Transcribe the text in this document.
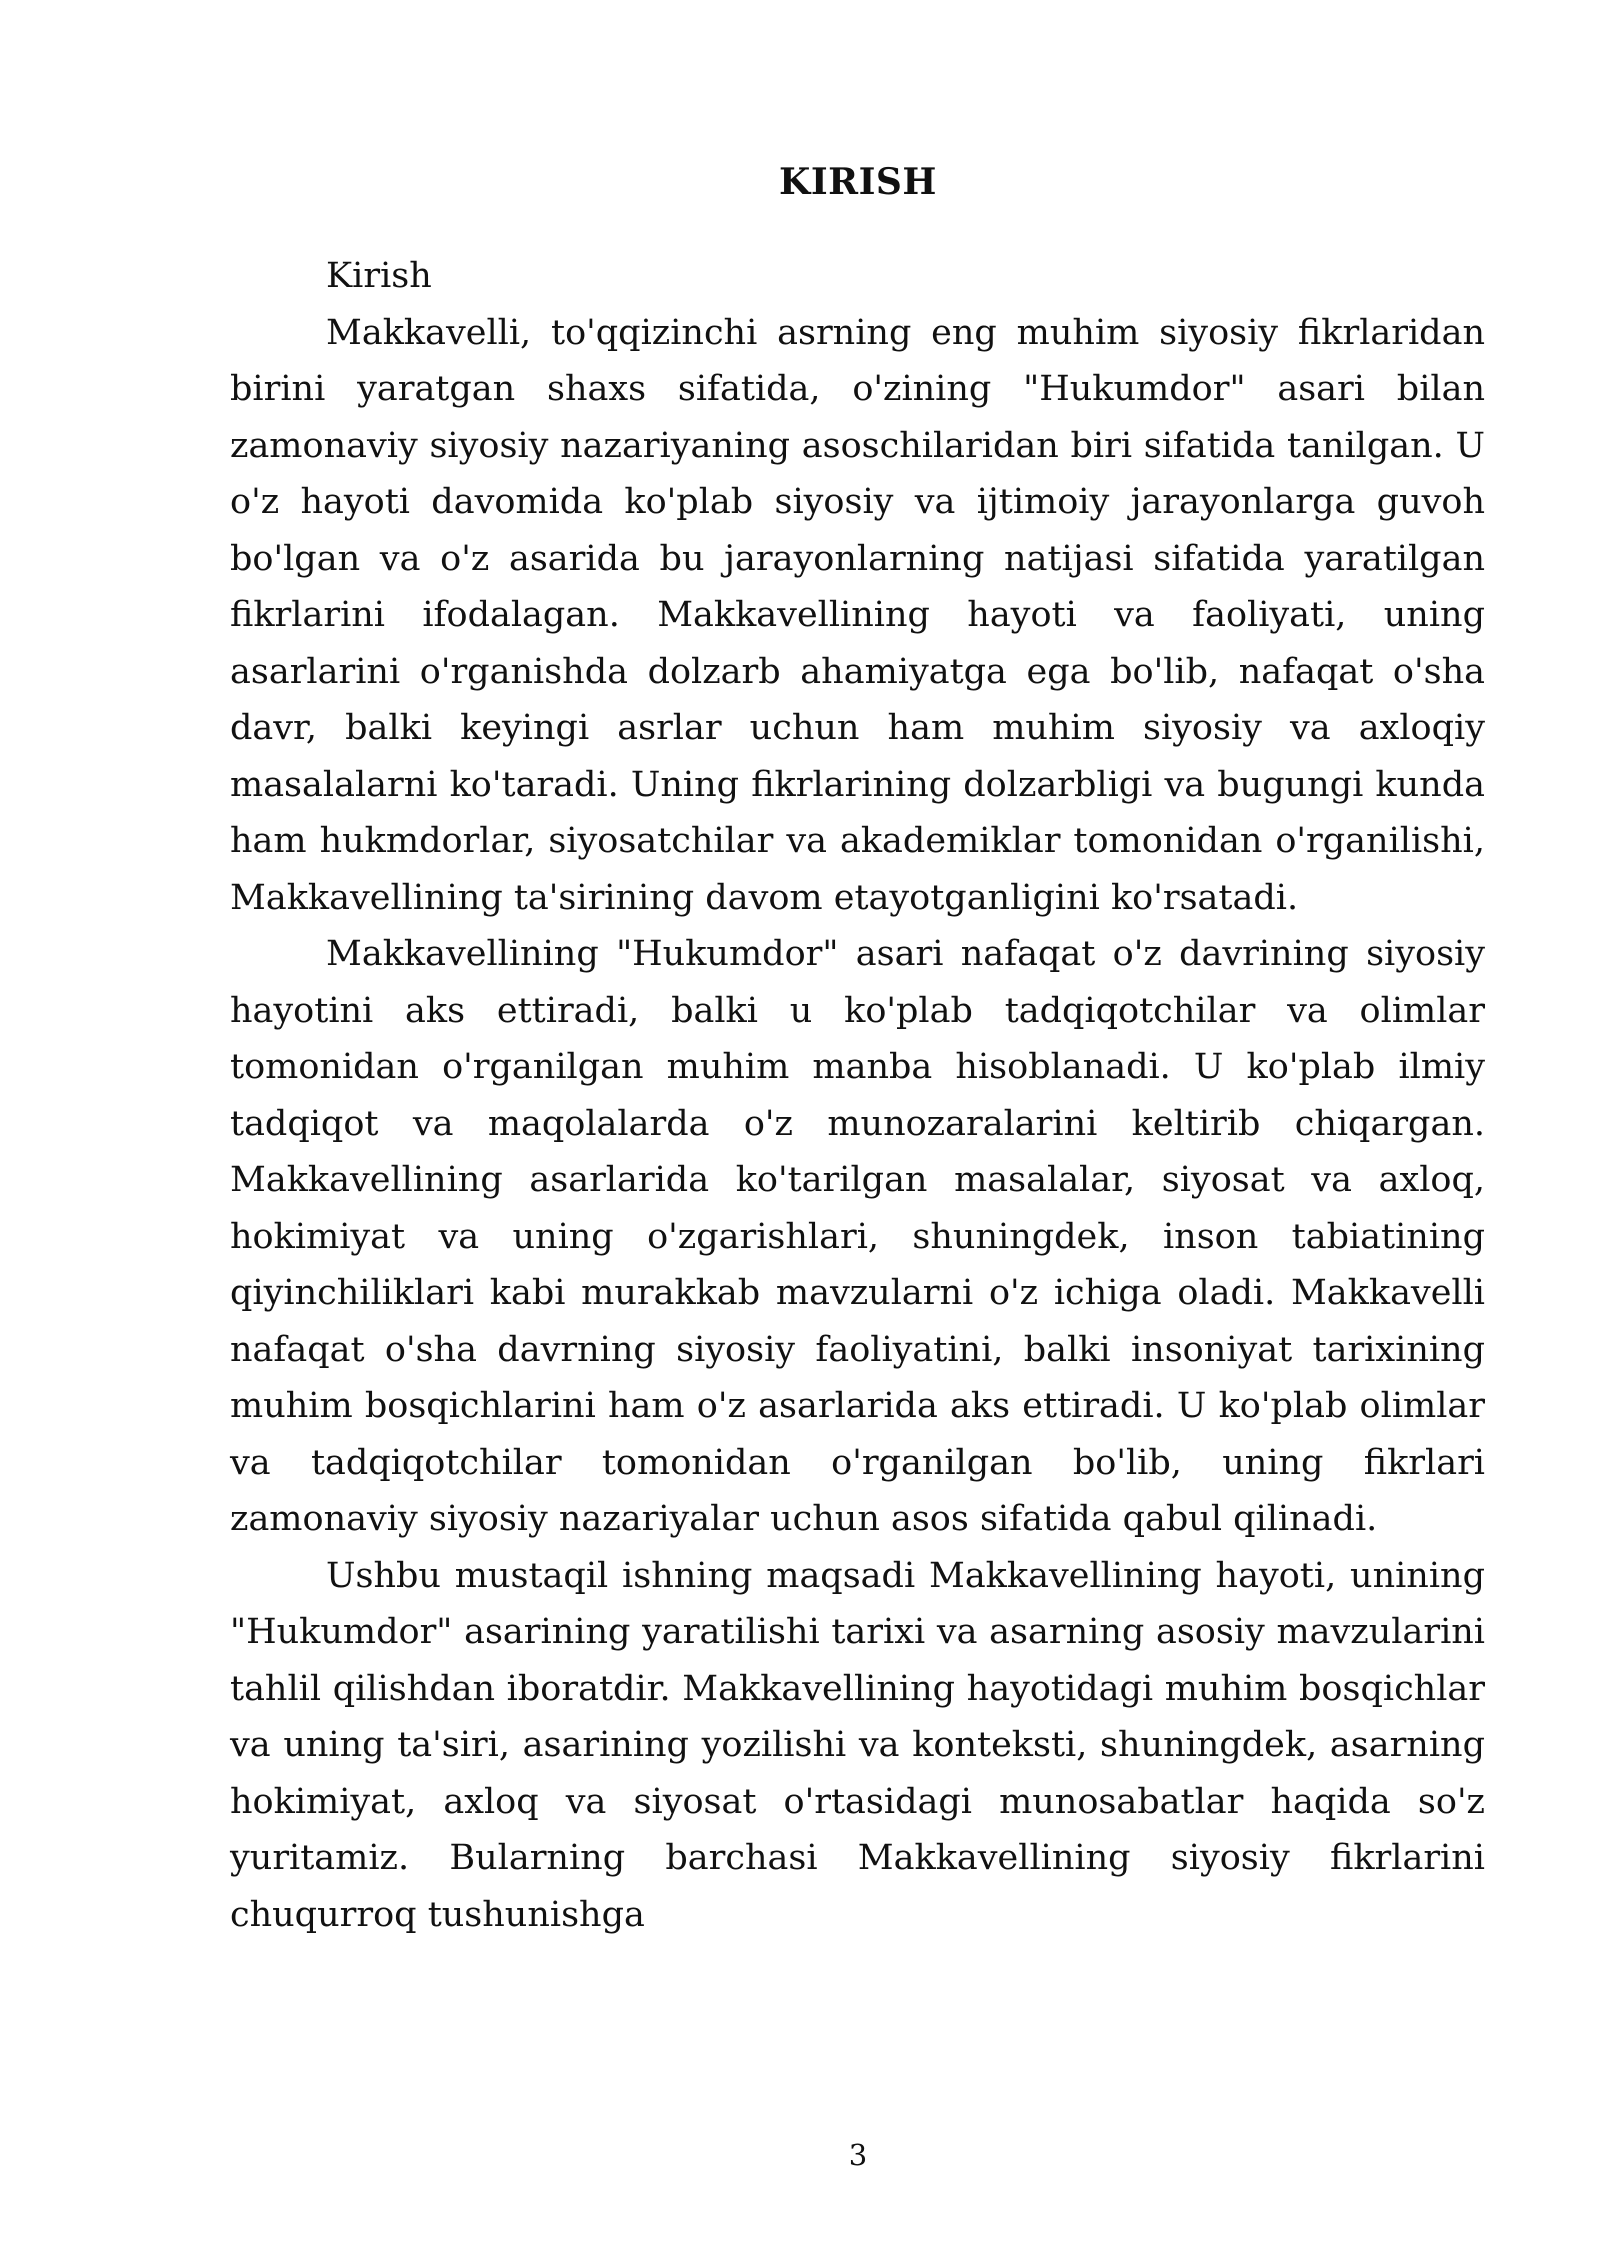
KIRISH

Kirish

Makkavelli, to'qqizinchi asrning eng muhim siyosiy fikrlaridan birini yaratgan shaxs sifatida, o'zining "Hukumdor" asari bilan zamonaviy siyosiy nazariyaning asoschilaridan biri sifatida tanilgan. U o'z hayoti davomida ko'plab siyosiy va ijtimoiy jarayonlarga guvoh bo'lgan va o'z asarida bu jarayonlarning natijasi sifatida yaratilgan fikrlarini ifodalagan. Makkavellining hayoti va faoliyati, uning asarlarini o'rganishda dolzarb ahamiyatga ega bo'lib, nafaqat o'sha davr, balki keyingi asrlar uchun ham muhim siyosiy va axloqiy masalalarni ko'taradi. Uning fikrlarining dolzarbligi va bugungi kunda ham hukmdorlar, siyosatchilar va akademiklar tomonidan o'rganilishi, Makkavellining ta'sirining davom etayotganligini ko'rsatadi.

Makkavellining "Hukumdor" asari nafaqat o'z davrining siyosiy hayotini aks ettiradi, balki u ko'plab tadqiqotchilar va olimlar tomonidan o'rganilgan muhim manba hisoblanadi. U ko'plab ilmiy tadqiqot va maqolalarda o'z munozaralarini keltirib chiqargan. Makkavellining asarlarida ko'tarilgan masalalar, siyosat va axloq, hokimiyat va uning o'zgarishlari, shuningdek, inson tabiatining qiyinchiliklari kabi murakkab mavzularni o'z ichiga oladi. Makkavelli nafaqat o'sha davrning siyosiy faoliyatini, balki insoniyat tarixining muhim bosqichlarini ham o'z asarlarida aks ettiradi. U ko'plab olimlar va tadqiqotchilar tomonidan o'rganilgan bo'lib, uning fikrlari zamonaviy siyosiy nazariyalar uchun asos sifatida qabul qilinadi.

Ushbu mustaqil ishning maqsadi Makkavellining hayoti, unining "Hukumdor" asarining yaratilishi tarixi va asarning asosiy mavzularini tahlil qilishdan iboratdir. Makkavellining hayotidagi muhim bosqichlar va uning ta'siri, asarining yozilishi va konteksti, shuningdek, asarning hokimiyat, axloq va siyosat o'rtasidagi munosabatlar haqida so'z yuritamiz. Bularning barchasi Makkavellining siyosiy fikrlarini chuqurroq tushunishga

3
